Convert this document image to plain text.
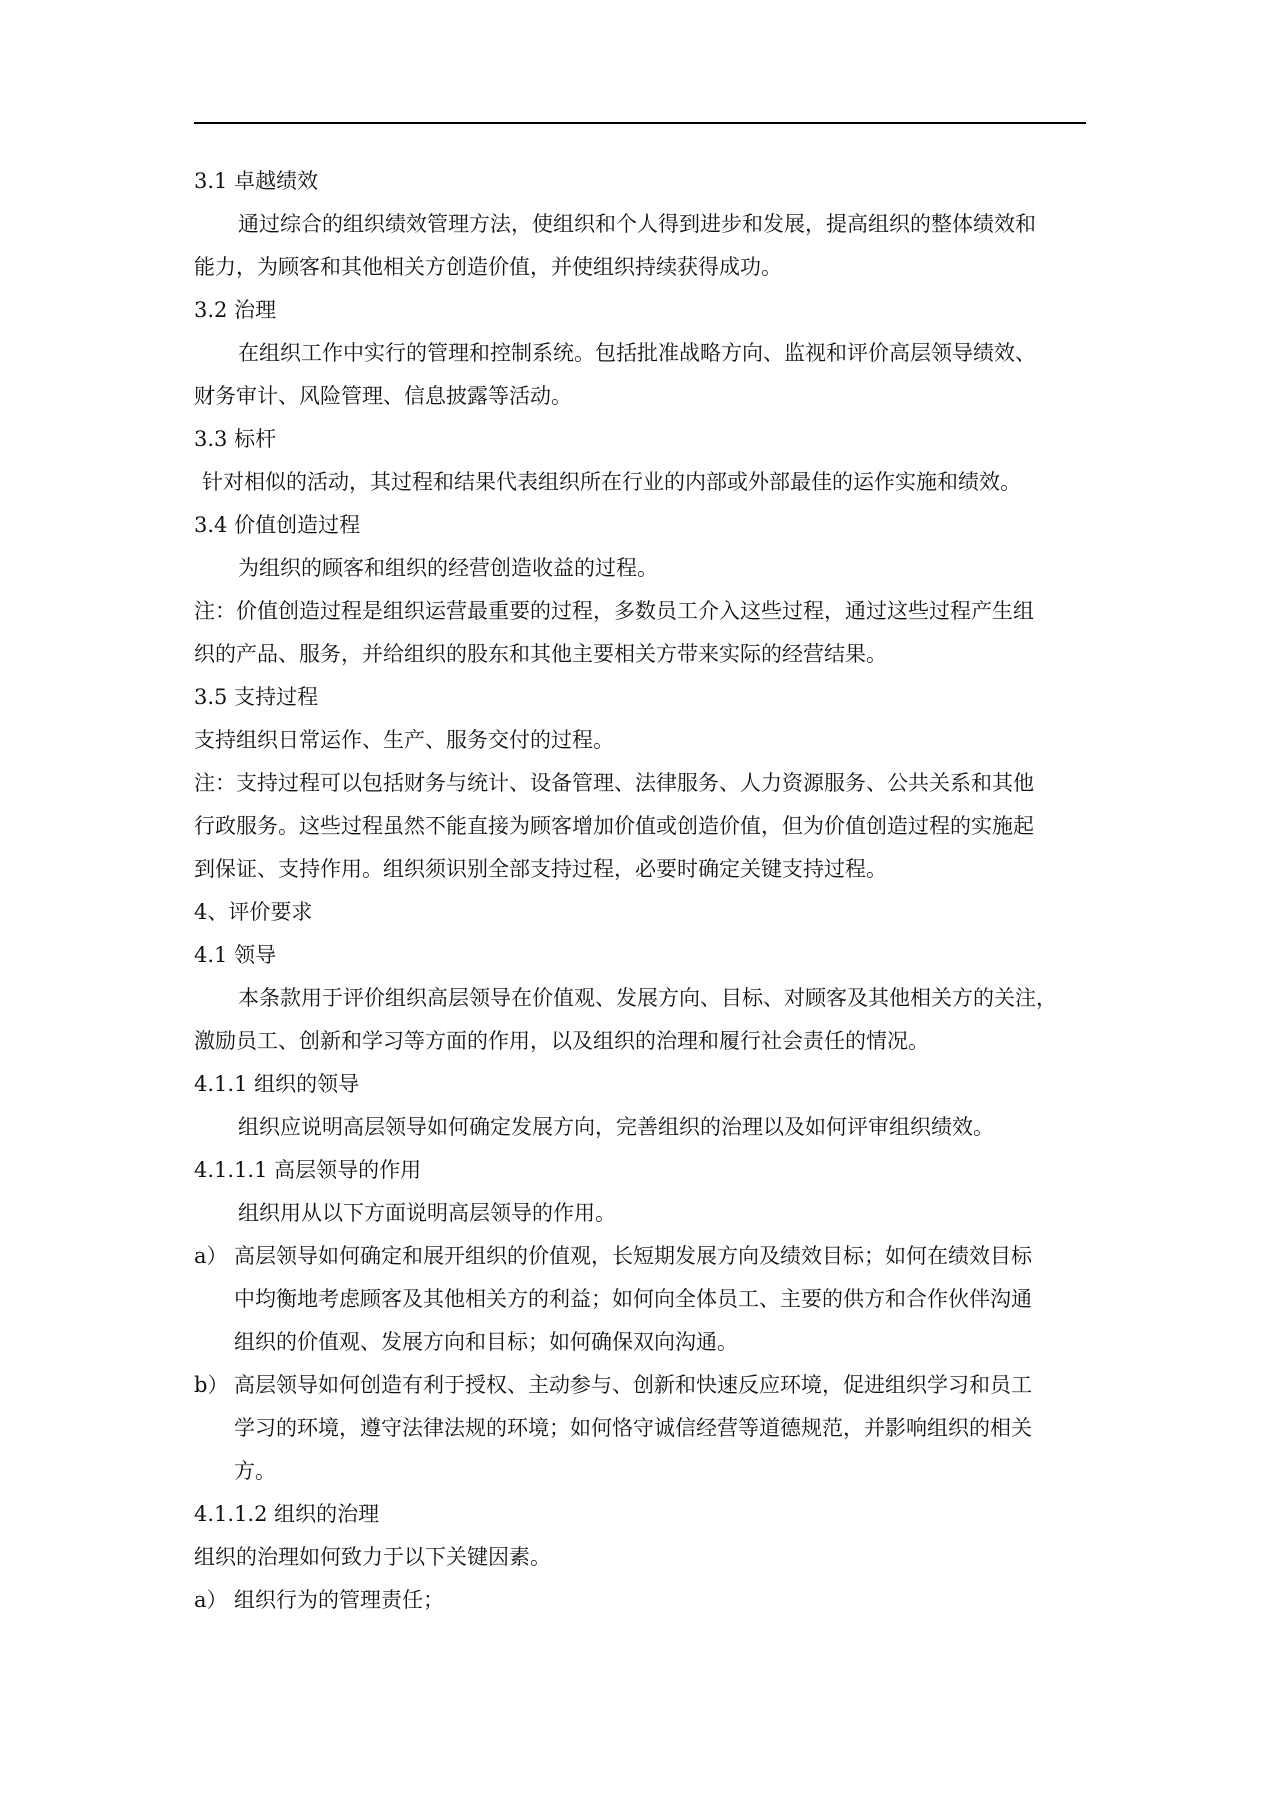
3.1 卓越绩效
通过综合的组织绩效管理方法，使组织和个人得到进步和发展，提高组织的整体绩效和
能力，为顾客和其他相关方创造价值，并使组织持续获得成功。
3.2 治理
在组织工作中实行的管理和控制系统。包括批准战略方向、监视和评价高层领导绩效、
财务审计、风险管理、信息披露等活动。
3.3 标杆
针对相似的活动，其过程和结果代表组织所在行业的内部或外部最佳的运作实施和绩效。
3.4 价值创造过程
为组织的顾客和组织的经营创造收益的过程。
注：价值创造过程是组织运营最重要的过程，多数员工介入这些过程，通过这些过程产生组
织的产品、服务，并给组织的股东和其他主要相关方带来实际的经营结果。
3.5 支持过程
支持组织日常运作、生产、服务交付的过程。
注：支持过程可以包括财务与统计、设备管理、法律服务、人力资源服务、公共关系和其他
行政服务。这些过程虽然不能直接为顾客增加价值或创造价值，但为价值创造过程的实施起
到保证、支持作用。组织须识别全部支持过程，必要时确定关键支持过程。
4、评价要求
4.1 领导
本条款用于评价组织高层领导在价值观、发展方向、目标、对顾客及其他相关方的关注，
激励员工、创新和学习等方面的作用，以及组织的治理和履行社会责任的情况。
4.1.1 组织的领导
组织应说明高层领导如何确定发展方向，完善组织的治理以及如何评审组织绩效。
4.1.1.1 高层领导的作用
组织用从以下方面说明高层领导的作用。
a） 高层领导如何确定和展开组织的价值观，长短期发展方向及绩效目标；如何在绩效目标
中均衡地考虑顾客及其他相关方的利益；如何向全体员工、主要的供方和合作伙伴沟通
组织的价值观、发展方向和目标；如何确保双向沟通。
b） 高层领导如何创造有利于授权、主动参与、创新和快速反应环境，促进组织学习和员工
学习的环境，遵守法律法规的环境；如何恪守诚信经营等道德规范，并影响组织的相关
方。
4.1.1.2 组织的治理
组织的治理如何致力于以下关键因素。
a） 组织行为的管理责任；
